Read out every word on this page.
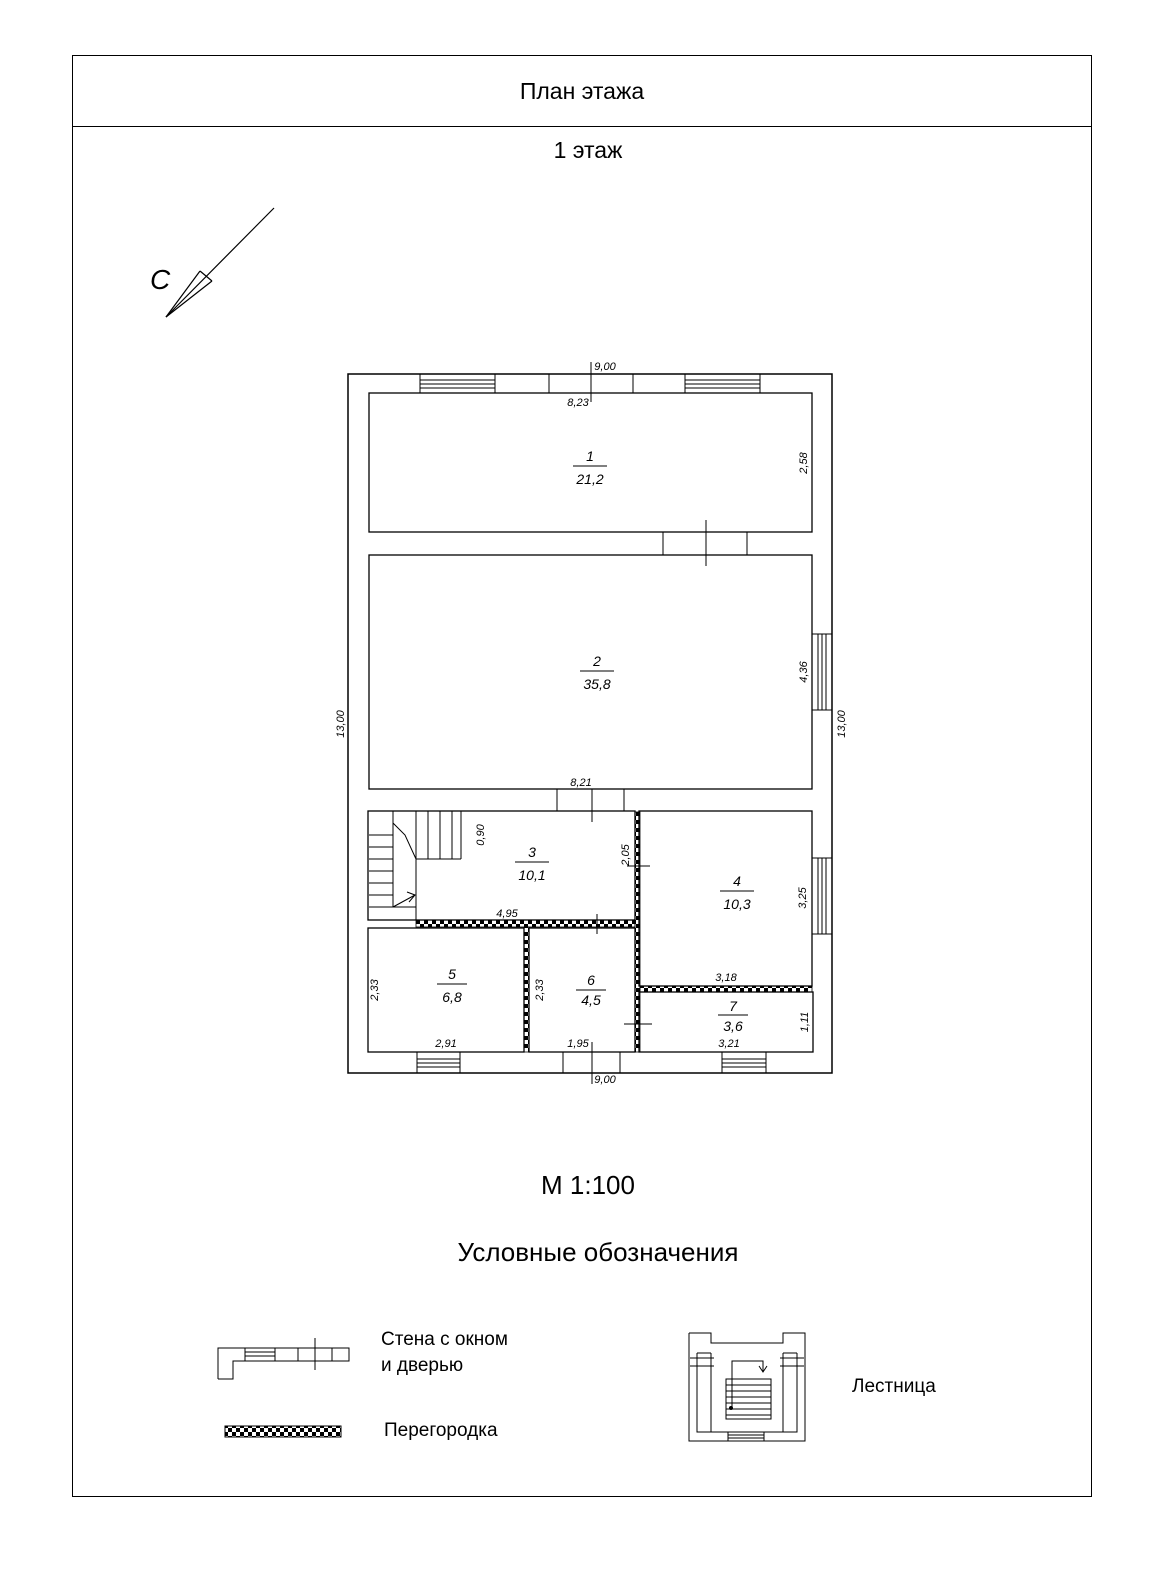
План этажа
1 этаж
С
1
21,2
2
35,8
3
10,1	4
10,3
5
6,8
6
4,5	7
3,6
9,00
8,23
2,58
4,36
13,00	13,00
8,21
0,90
2,05
4,95
3,25
3,18
2,33
2,91
2,33
1,95
1,11
3,21
9,00
М 1:100
Условные обозначения
Стена с окном
и дверью
Перегородка
Лестница
